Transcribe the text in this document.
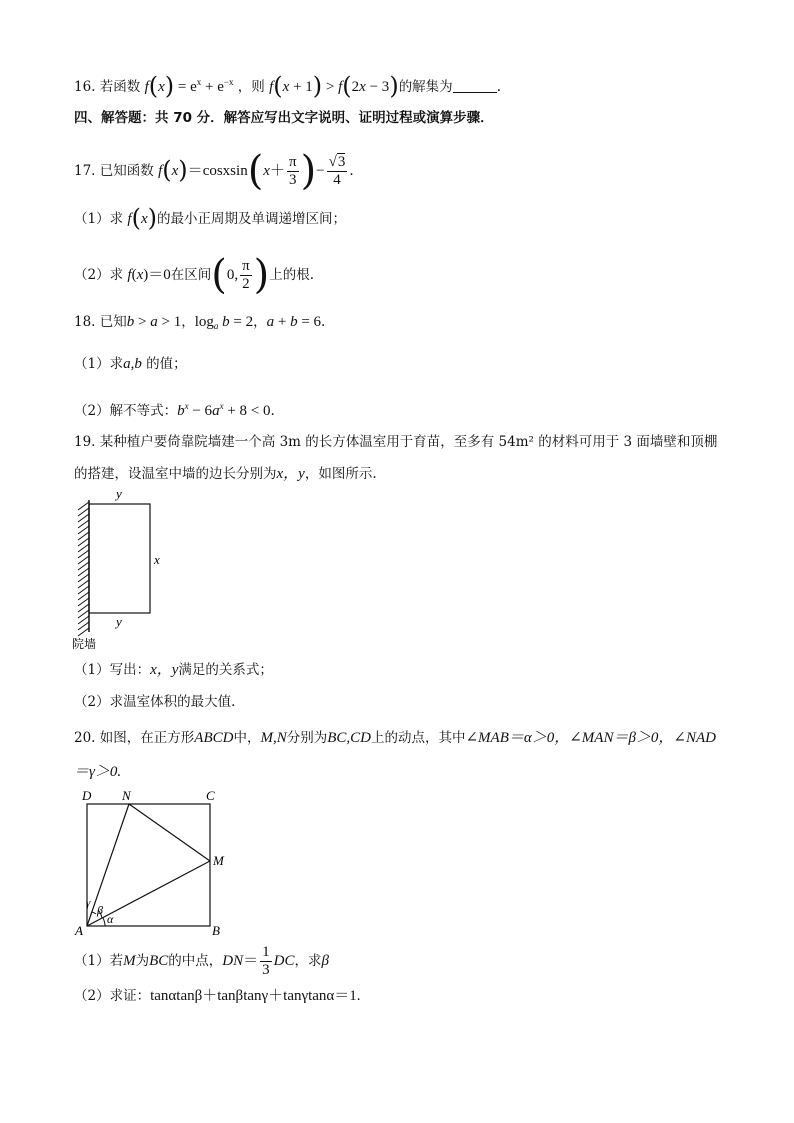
16. 若函数 $f(x) = e^x + e^{-x}$ ，则 f(x + 1) > f(2x − 3)的解集为	.
四、解答题：共 70 分．解答应写出文字说明、证明过程或演算步骤．
17. 已知函数 f(x)＝cosxsin(x＋ $\frac{\pi}{3}$ )− $\frac{√3}{4}$ .
（1）求 f(x)的最小正周期及单调递增区间；
（2）求 f(x)＝0在区间(0, $\frac{\pi}{2}$ )上的根.
18. 已知b > a > 1，$\log_a b = 2$，a + b = 6.
（1）求a,b 的值；
（2）解不等式：$b^x - 6a^x + 8 < 0$.
19. 某种植户要倚靠院墙建一个高 3m 的长方体温室用于育苗，至多有 54m² 的材料可用于 3 面墙壁和顶棚
的搭建，设温室中墙的边长分别为x，y，如图所示.
y
x
y
院墙
（1）写出：x，y满足的关系式；
（2）求温室体积的最大值.
20. 如图，在正方形ABCD中，M,N分别为BC,CD上的动点，其中∠MAB＝α＞0，∠MAN＝β＞0，∠NAD
＝γ＞0.
D N	C
M
A	B
γ β
α
（1）若M为BC的中点，$DN= \frac{1}{3}$ DC，求β
（2）求证：tanαtanβ＋tanβtanγ＋tanγtanα＝1.
